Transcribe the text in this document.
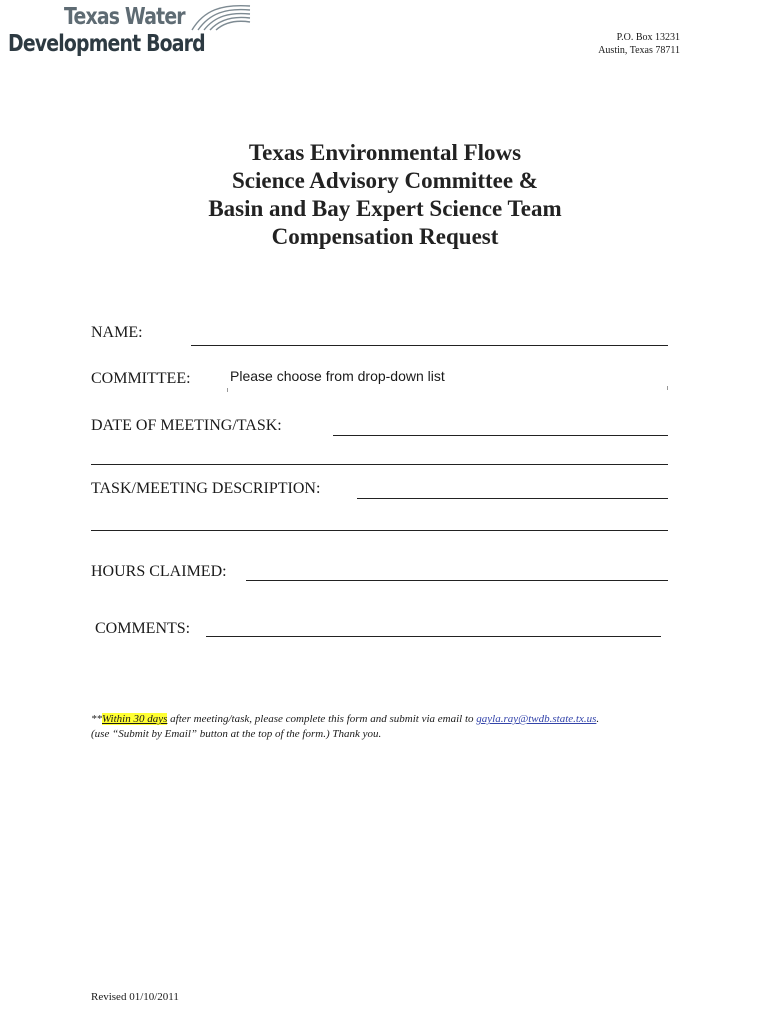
Texas Water
Development Board	P.O. Box 13231
Austin, Texas 78711
Texas Environmental Flows
Science Advisory Committee &
Basin and Bay Expert Science Team
Compensation Request
NAME:
COMMITTEE:	Please choose from drop-down list
DATE OF MEETING/TASK:
TASK/MEETING DESCRIPTION:
HOURS CLAIMED:
COMMENTS:
**Within 30 days after meeting/task, please complete this form and submit via email to gayla.ray@twdb.state.tx.us.
(use “Submit by Email” button at the top of the form.) Thank you.
Revised 01/10/2011
